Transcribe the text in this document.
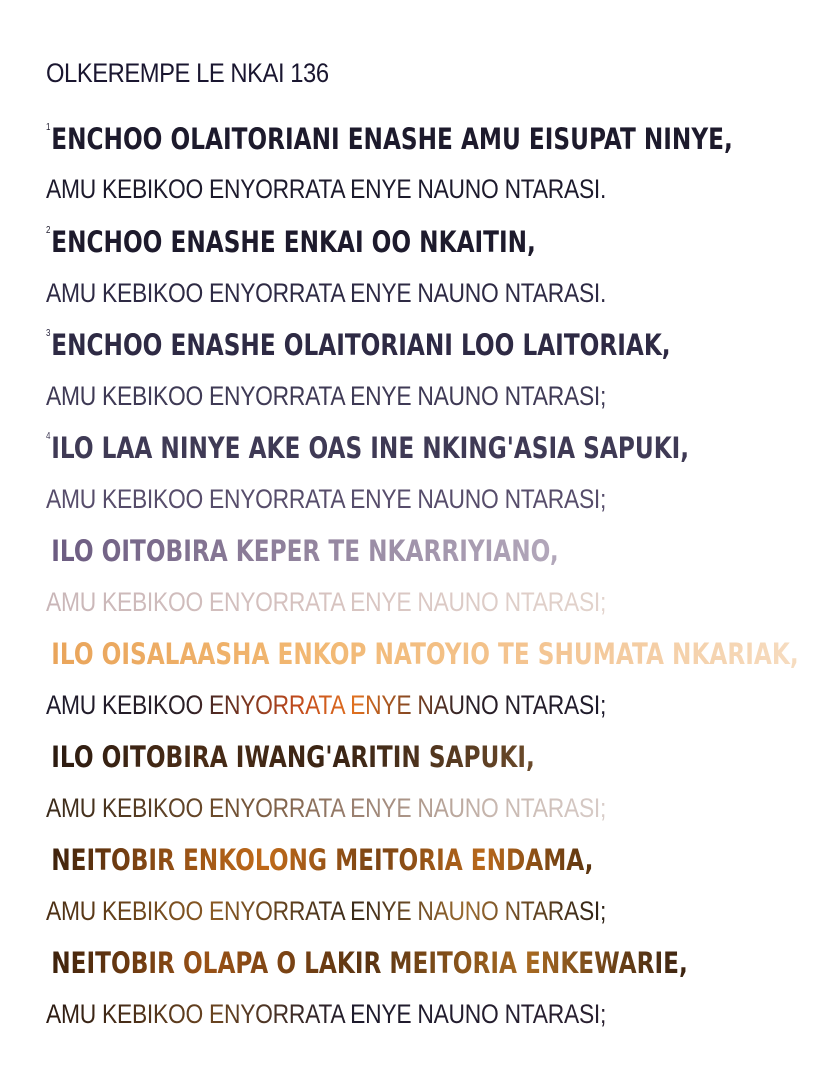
OLKEREMPE LE NKAI 136
$^1$ENCHOO OLAITORIANI ENASHE AMU EISUPAT NINYE,
AMU KEBIKOO ENYORRATA ENYE NAUNO NTARASI.
$^2$ENCHOO ENASHE ENKAI OO NKAITIN,
AMU KEBIKOO ENYORRATA ENYE NAUNO NTARASI.
$^3$ENCHOO ENASHE OLAITORIANI LOO LAITORIAK,
AMU KEBIKOO ENYORRATA ENYE NAUNO NTARASI;
$^4$ILO LAA NINYE AKE OAS INE NKING'ASIA SAPUKI,
AMU KEBIKOO ENYORRATA ENYE NAUNO NTARASI;
$^5$ILO OITOBIRA KEPER TE NKARRIYIANO,
AMU KEBIKOO ENYORRATA ENYE NAUNO NTARASI;
$^6$ILO OISALAASHA ENKOP NATOYIO TE SHUMATA NKARIAK,
AMU KEBIKOO ENYORRATA ENYE NAUNO NTARASI;
$^7$ILO OITOBIRA IWANG'ARITIN SAPUKI,
AMU KEBIKOO ENYORRATA ENYE NAUNO NTARASI;
$^8$NEITOBIR ENKOLONG MEITORIA ENDAMA,
AMU KEBIKOO ENYORRATA ENYE NAUNO NTARASI;
$^9$NEITOBIR OLAPA O LAKIR MEITORIA ENKEWARIE,
AMU KEBIKOO ENYORRATA ENYE NAUNO NTARASI;
